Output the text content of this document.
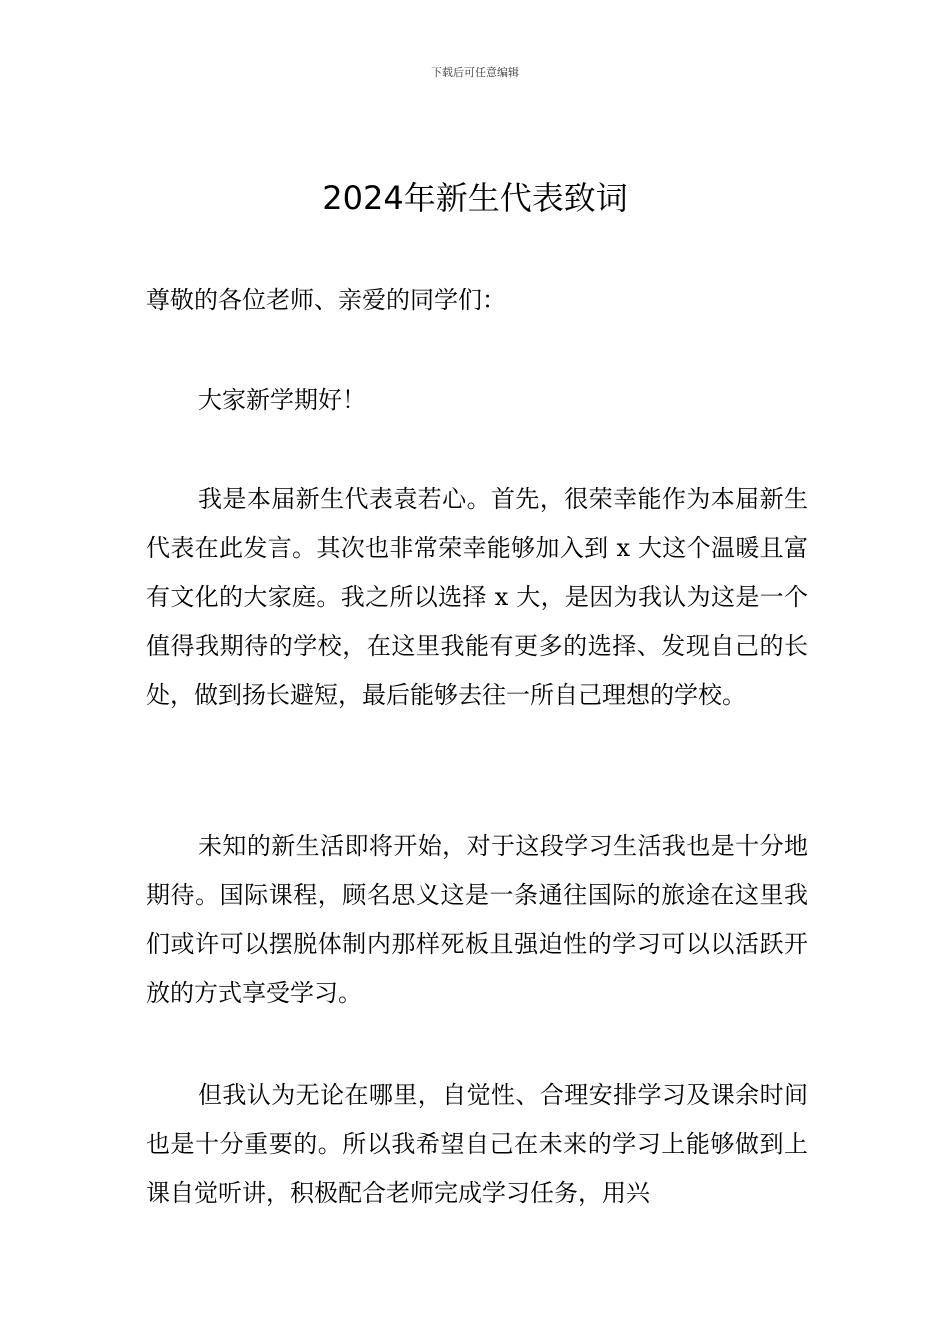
下载后可任意编辑
2024年新生代表致词

尊敬的各位老师、亲爱的同学们：

大家新学期好！

我是本届新生代表袁若心。首先，很荣幸能作为本届新生代表在此发言。其次也非常荣幸能够加入到 x 大这个温暖且富有文化的大家庭。我之所以选择 x 大，是因为我认为这是一个值得我期待的学校，在这里我能有更多的选择、发现自己的长处，做到扬长避短，最后能够去往一所自己理想的学校。

未知的新生活即将开始，对于这段学习生活我也是十分地期待。国际课程，顾名思义这是一条通往国际的旅途在这里我们或许可以摆脱体制内那样死板且强迫性的学习可以以活跃开放的方式享受学习。

但我认为无论在哪里，自觉性、合理安排学习及课余时间也是十分重要的。所以我希望自己在未来的学习上能够做到上课自觉听讲，积极配合老师完成学习任务，用兴
